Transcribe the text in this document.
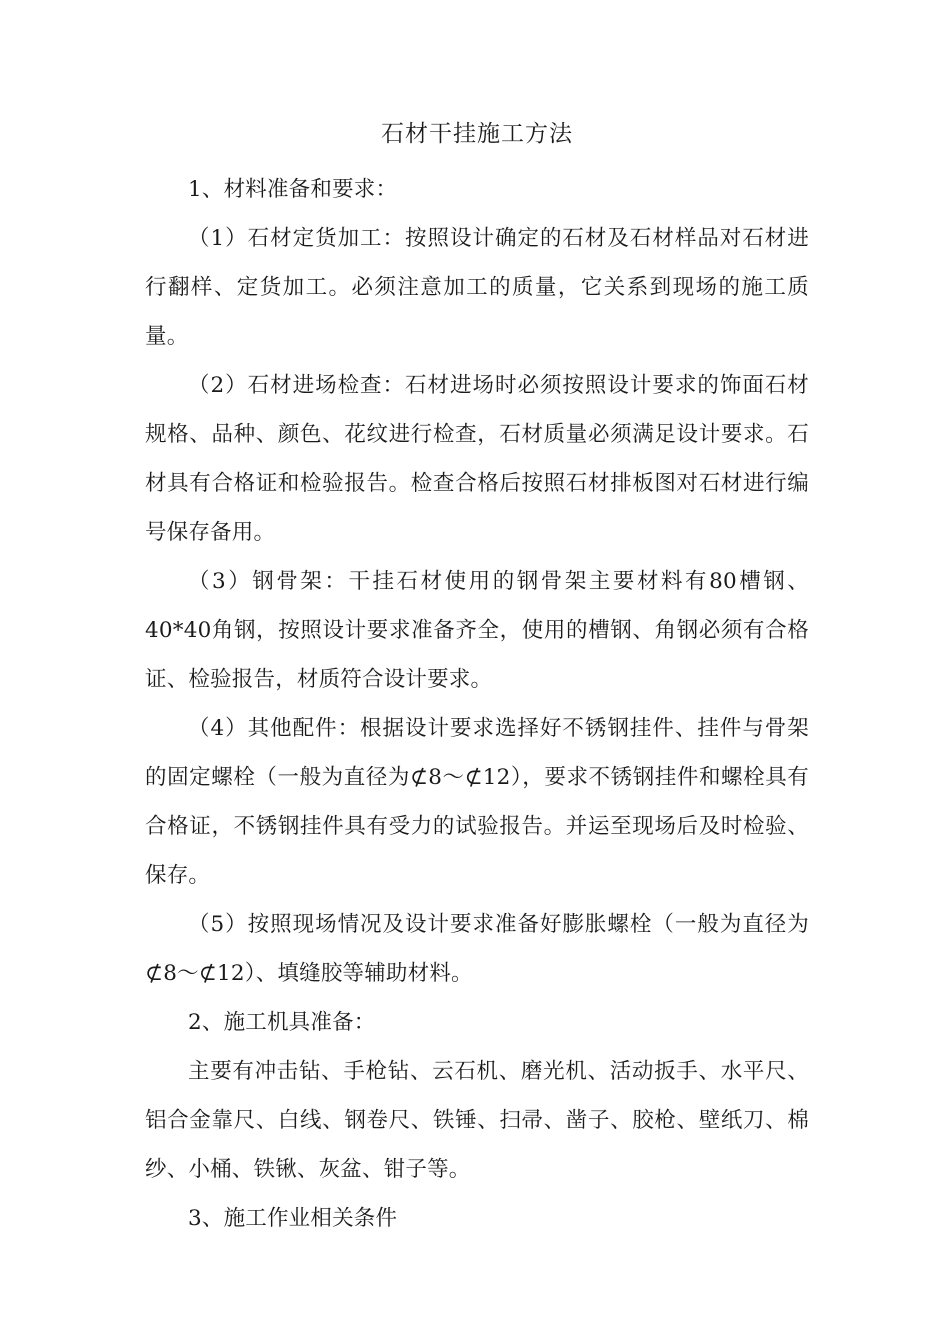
石材干挂施工方法

1、材料准备和要求：

（1）石材定货加工：按照设计确定的石材及石材样品对石材进行翻样、定货加工。必须注意加工的质量，它关系到现场的施工质量。

（2）石材进场检查：石材进场时必须按照设计要求的饰面石材规格、品种、颜色、花纹进行检查，石材质量必须满足设计要求。石材具有合格证和检验报告。检查合格后按照石材排板图对石材进行编号保存备用。

（3）钢骨架：干挂石材使用的钢骨架主要材料有80槽钢、40*40角钢，按照设计要求准备齐全，使用的槽钢、角钢必须有合格证、检验报告，材质符合设计要求。

（4）其他配件：根据设计要求选择好不锈钢挂件、挂件与骨架的固定螺栓（一般为直径为⊄8～⊄12），要求不锈钢挂件和螺栓具有合格证，不锈钢挂件具有受力的试验报告。并运至现场后及时检验、保存。

（5）按照现场情况及设计要求准备好膨胀螺栓（一般为直径为⊄8～⊄12）、填缝胶等辅助材料。

2、施工机具准备：

主要有冲击钻、手枪钻、云石机、磨光机、活动扳手、水平尺、铝合金靠尺、白线、钢卷尺、铁锤、扫帚、凿子、胶枪、壁纸刀、棉纱、小桶、铁锹、灰盆、钳子等。

3、施工作业相关条件
